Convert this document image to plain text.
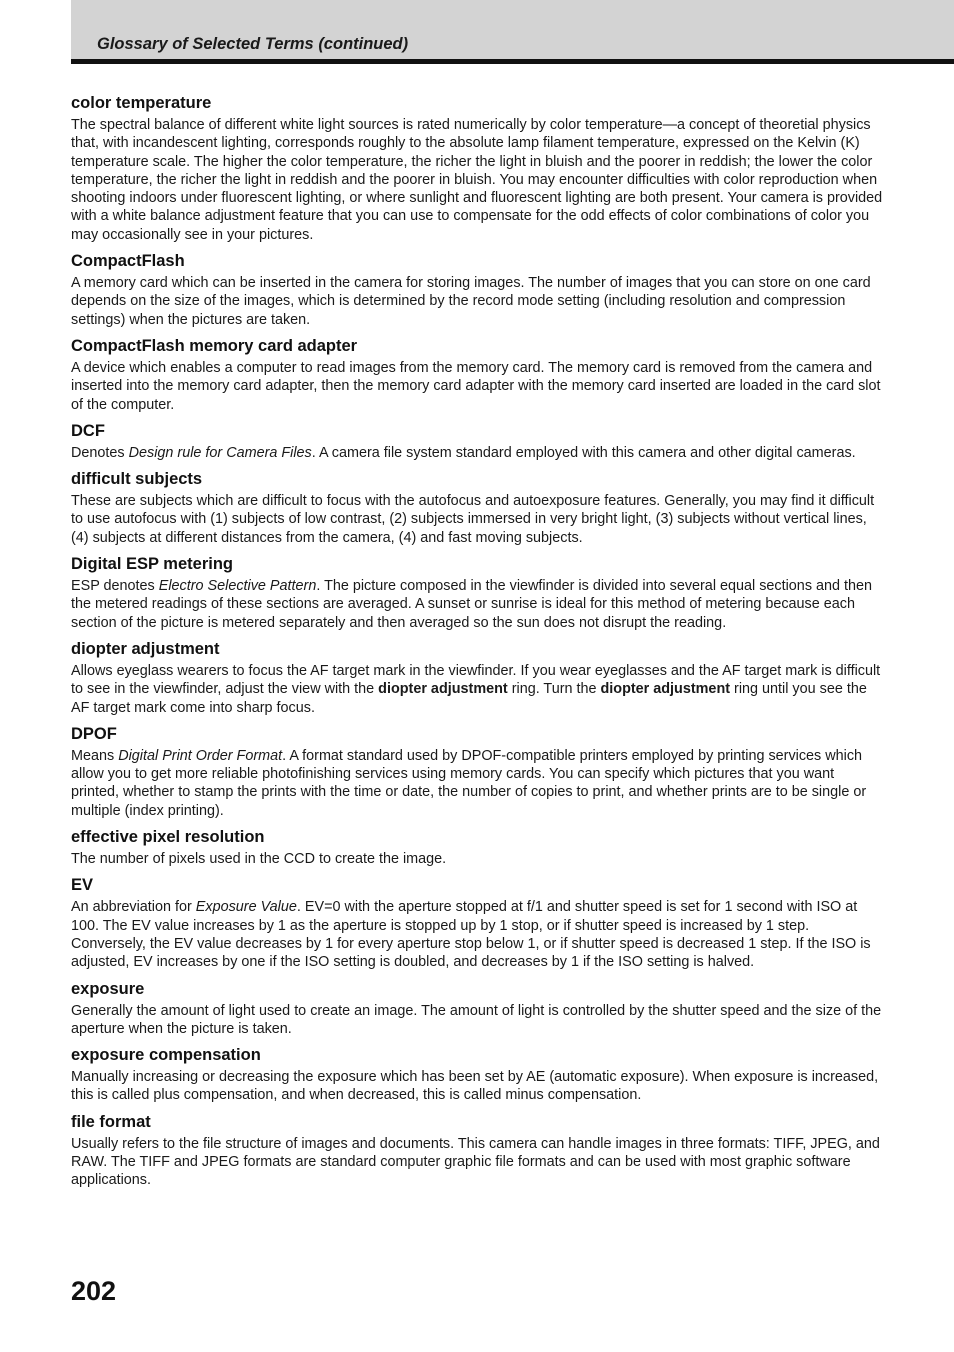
Glossary of Selected Terms (continued)
color temperature

The spectral balance of different white light sources is rated numerically by color temperature—a concept of theoretial physics that, with incandescent lighting, corresponds roughly to the absolute lamp filament temperature, expressed on the Kelvin (K) temperature scale. The higher the color temperature, the richer the light in bluish and the poorer in reddish; the lower the color temperature, the richer the light in reddish and the poorer in bluish. You may encounter difficulties with color reproduction when shooting indoors under fluorescent lighting, or where sunlight and fluorescent lighting are both present. Your camera is provided with a white balance adjustment feature that you can use to compensate for the odd effects of color combinations of color you may occasionally see in your pictures.

CompactFlash

A memory card which can be inserted in the camera for storing images. The number of images that you can store on one card depends on the size of the images, which is determined by the record mode setting (including resolution and compression settings) when the pictures are taken.

CompactFlash memory card adapter

A device which enables a computer to read images from the memory card. The memory card is removed from the camera and inserted into the memory card adapter, then the memory card adapter with the memory card inserted are loaded in the card slot of the computer.

DCF

Denotes Design rule for Camera Files. A camera file system standard employed with this camera and other digital cameras.

difficult subjects

These are subjects which are difficult to focus with the autofocus and autoexposure features. Generally, you may find it difficult to use autofocus with (1) subjects of low contrast, (2) subjects immersed in very bright light, (3) subjects without vertical lines, (4) subjects at different distances from the camera, (4) and fast moving subjects.

Digital ESP metering

ESP denotes Electro Selective Pattern. The picture composed in the viewfinder is divided into several equal sections and then the metered readings of these sections are averaged. A sunset or sunrise is ideal for this method of metering because each section of the picture is metered separately and then averaged so the sun does not disrupt the reading.

diopter adjustment

Allows eyeglass wearers to focus the AF target mark in the viewfinder. If you wear eyeglasses and the AF target mark is difficult to see in the viewfinder, adjust the view with the diopter adjustment ring. Turn the diopter adjustment ring until you see the AF target mark come into sharp focus.

DPOF

Means Digital Print Order Format. A format standard used by DPOF-compatible printers employed by printing services which allow you to get more reliable photofinishing services using memory cards. You can specify which pictures that you want printed, whether to stamp the prints with the time or date, the number of copies to print, and whether prints are to be single or multiple (index printing).

effective pixel resolution

The number of pixels used in the CCD to create the image.

EV

An abbreviation for Exposure Value. EV=0 with the aperture stopped at f/1 and shutter speed is set for 1 second with ISO at 100. The EV value increases by 1 as the aperture is stopped up by 1 stop, or if shutter speed is increased by 1 step. Conversely, the EV value decreases by 1 for every aperture stop below 1, or if shutter speed is decreased 1 step. If the ISO is adjusted, EV increases by one if the ISO setting is doubled, and decreases by 1 if the ISO setting is halved.

exposure

Generally the amount of light used to create an image. The amount of light is controlled by the shutter speed and the size of the aperture when the picture is taken.

exposure compensation

Manually increasing or decreasing the exposure which has been set by AE (automatic exposure). When exposure is increased, this is called plus compensation, and when decreased, this is called minus compensation.

file format

Usually refers to the file structure of images and documents. This camera can handle images in three formats: TIFF, JPEG, and RAW. The TIFF and JPEG formats are standard computer graphic file formats and can be used with most graphic software applications.

202
